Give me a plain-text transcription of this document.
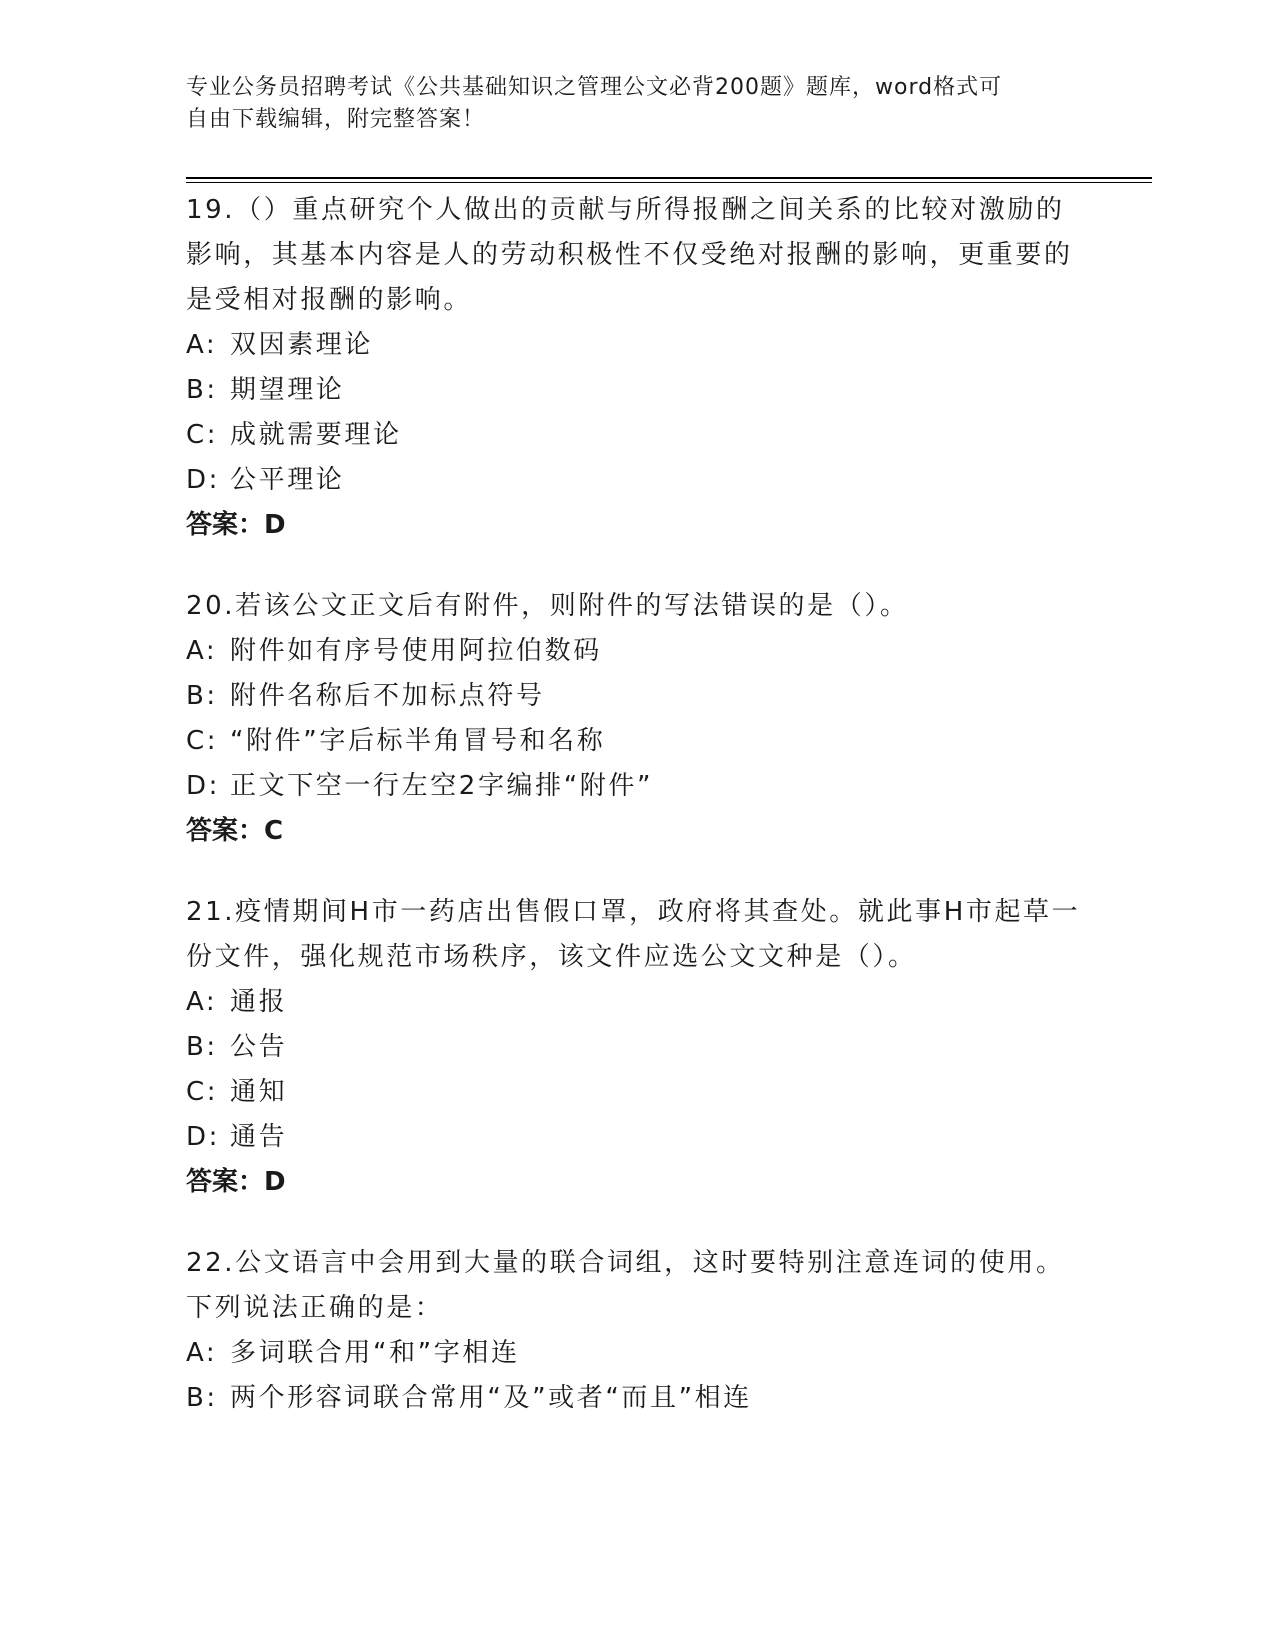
专业公务员招聘考试《公共基础知识之管理公文必背200题》题库，word格式可
自由下载编辑，附完整答案！

19.（）重点研究个人做出的贡献与所得报酬之间关系的比较对激励的影响，其基本内容是人的劳动积极性不仅受绝对报酬的影响，更重要的是受相对报酬的影响。

A: 双因素理论

B: 期望理论

C: 成就需要理论

D: 公平理论

答案：D

20.若该公文正文后有附件，则附件的写法错误的是（）。

A: 附件如有序号使用阿拉伯数码

B: 附件名称后不加标点符号

C: “附件”字后标半角冒号和名称

D: 正文下空一行左空2字编排“附件”

答案：C

21.疫情期间H市一药店出售假口罩，政府将其查处。就此事H市起草一份文件，强化规范市场秩序，该文件应选公文文种是（）。

A: 通报

B: 公告

C: 通知

D: 通告

答案：D

22.公文语言中会用到大量的联合词组，这时要特别注意连词的使用。下列说法正确的是：

A: 多词联合用“和”字相连

B: 两个形容词联合常用“及”或者“而且”相连
